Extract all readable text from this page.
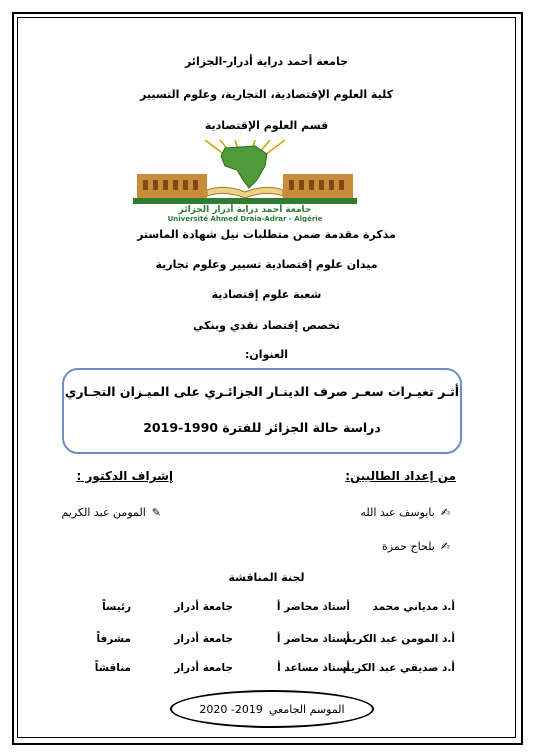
جامعة أحمد دراية أدرار-الجزائر
كلية العلوم الإقتصادية، التجارية، وعلوم التسيير
قسم العلوم الإقتصادية
جامعة أحمد دراية أدرار الجزائر
Université Ahmed Draia-Adrar - Algérie
مذكرة مقدمة ضمن متطلبات نيل شهادة الماستر
ميدان علوم إقتصادية تسيير وعلوم تجارية
شعبة علوم إقتصادية
تخصص إقتصاد نقدي وبنكي
العنوان:
أثـر تغيـرات سعـر صرف الدينـار الجزائـري على الميـزان التجـاري
دراسة حالة الجزائر للفترة 1990-2019
من إعداد الطالبين:
إشراف الدكتور :
✍
بايوسف عبد الله
✍
بلحاج حمزة
✎
المومن عبد الكريم
لجنة المناقشة
أ.د مدياني محمد
أستاذ محاضر أ
جامعة أدرار
رئيساً
أ.د المومن عبد الكريم
أستاذ محاضر أ
جامعة أدرار
مشرفاً
أ.د صديقي عبد الكريم
أستاذ مساعد أ
جامعة أدرار
مناقشاً
الموسم الجامعي
2019- 2020
